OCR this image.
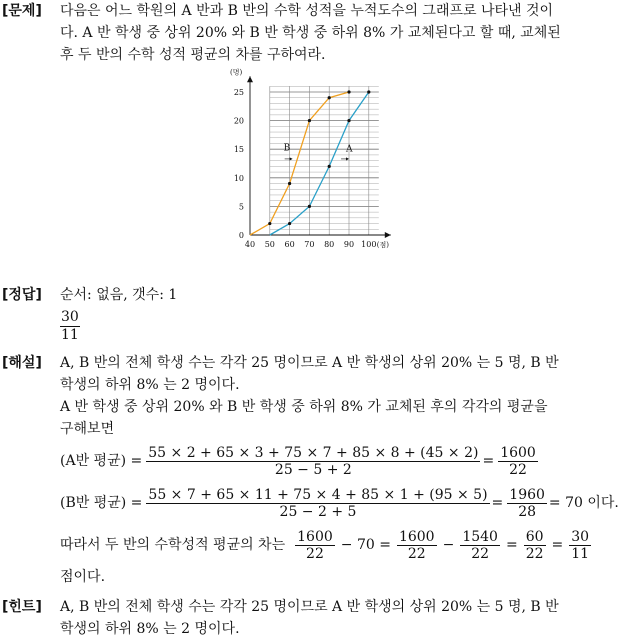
[문제] 다음은 어느 학원의 A 반과 B 반의 수학 성적을 누적도수의 그래프로 나타낸 것이
다. A 반 학생 중 상위 20% 와 B 반 학생 중 하위 8% 가 교체된다고 할 때, 교체된
후 두 반의 수학 성적 평균의 차를 구하여라.
0
5
10
15
20
25
40 50 60 70 80 90 100
(명)
(점)
B	A
[정답] 순서: 없음, 갯수: 1
$\frac{30}{11}$
[해설] A, B 반의 전체 학생 수는 각각 25 명이므로 A 반 학생의 상위 20% 는 5 명, B 반
학생의 하위 8% 는 2 명이다.
A 반 학생 중 상위 20% 와 B 반 학생 중 하위 8% 가 교체된 후의 각각의 평균을
구해보면
(A반 평균) = $\frac{55 \times 2 + 65 \times 3 + 75 \times 7 + 85 \times 8 + (45 \times 2)}{25 - 5 + 2} = \frac{1600}{22}$
(B반 평균) = $\frac{55 \times 7 + 65 \times 11 + 75 \times 4 + 85 \times 1 + (95 \times 5)}{25 - 2 + 5} = \frac{1960}{28} = 70$ 이다.
따라서 두 반의 수학성적 평균의 차는 $\frac{1600}{22} - 70 = \frac{1600}{22} - \frac{1540}{22} = \frac{60}{22} = \frac{30}{11}$
점이다.
[힌트] A, B 반의 전체 학생 수는 각각 25 명이므로 A 반 학생의 상위 20% 는 5 명, B 반
학생의 하위 8% 는 2 명이다.
